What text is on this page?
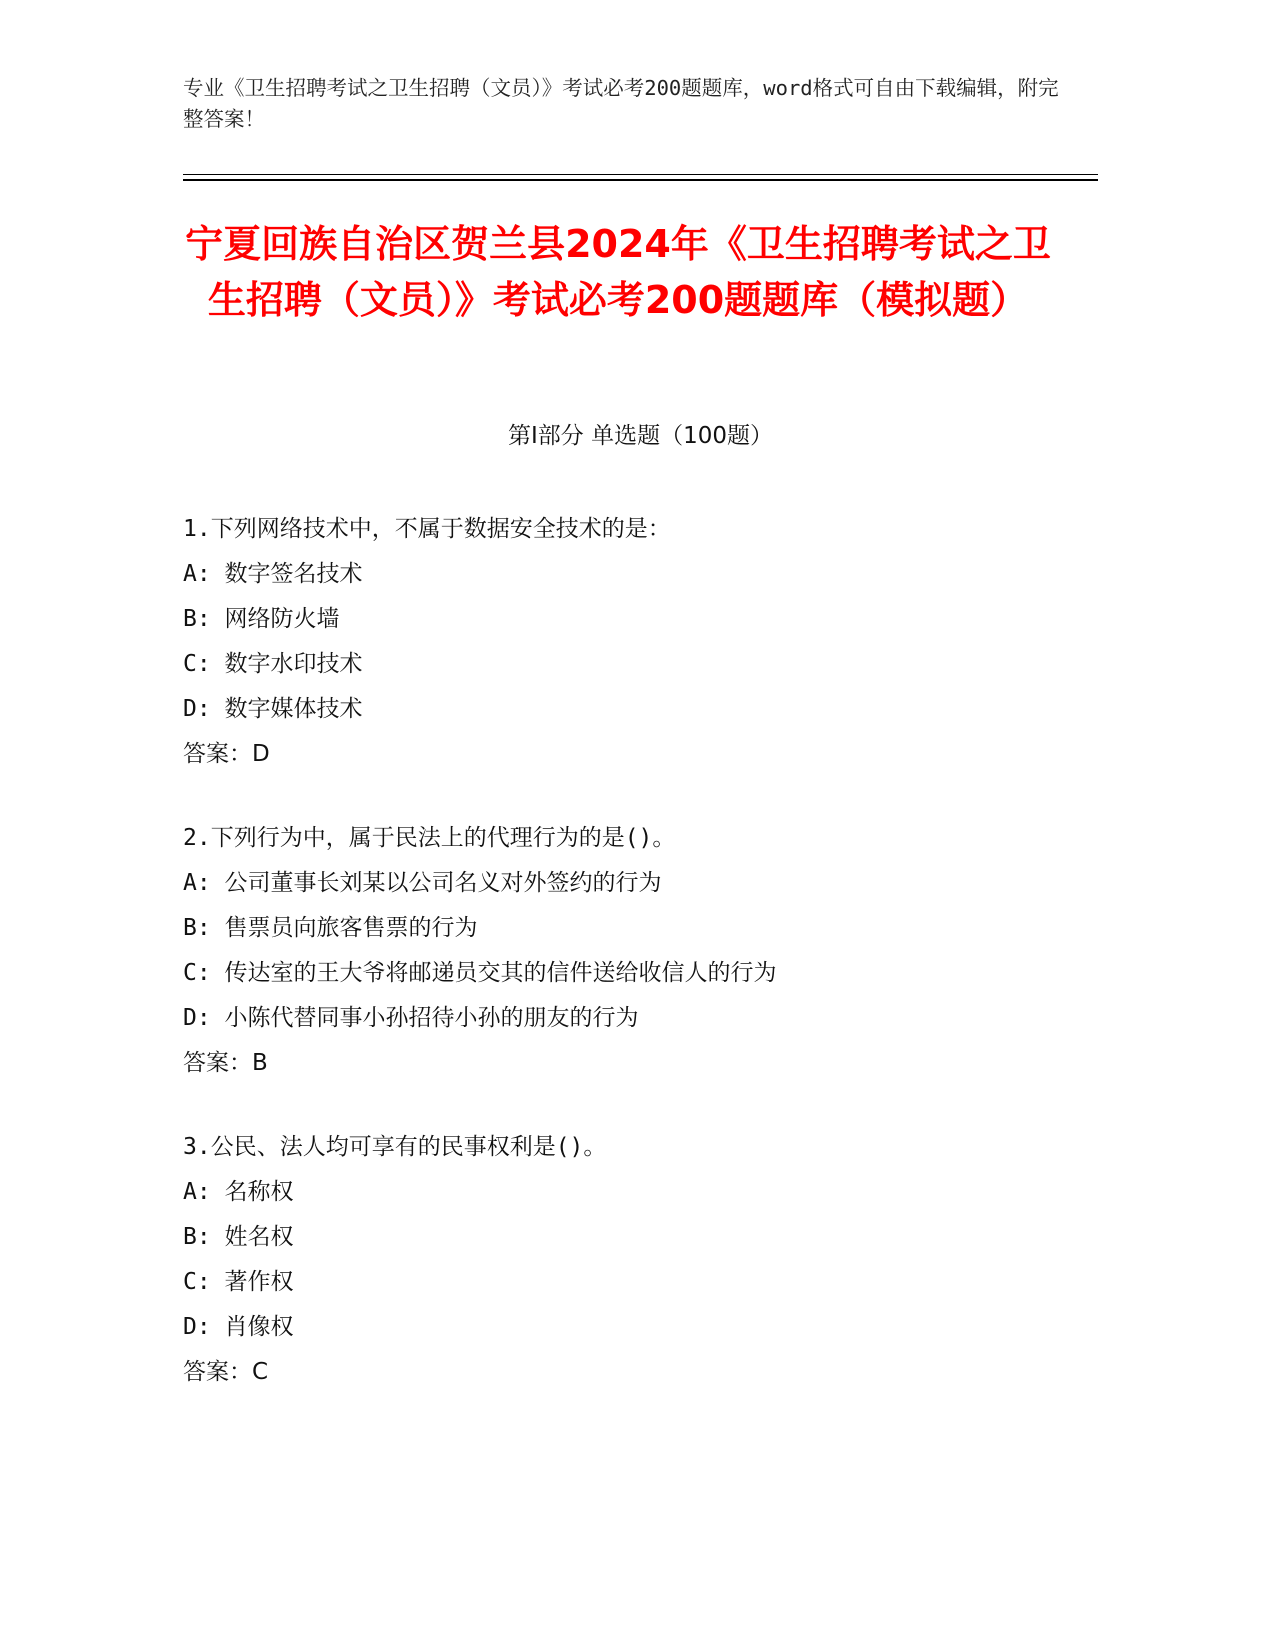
专业《卫生招聘考试之卫生招聘（文员）》考试必考200题题库，word格式可自由下载编辑，附完整答案！
宁夏回族自治区贺兰县2024年《卫生招聘考试之卫生招聘（文员）》考试必考200题题库（模拟题）
第Ⅰ部分 单选题（100题）
1.下列网络技术中，不属于数据安全技术的是：
A: 数字签名技术
B: 网络防火墙
C: 数字水印技术
D: 数字媒体技术
答案：D
2.下列行为中，属于民法上的代理行为的是()。
A: 公司董事长刘某以公司名义对外签约的行为
B: 售票员向旅客售票的行为
C: 传达室的王大爷将邮递员交其的信件送给收信人的行为
D: 小陈代替同事小孙招待小孙的朋友的行为
答案：B
3.公民、法人均可享有的民事权利是()。
A: 名称权
B: 姓名权
C: 著作权
D: 肖像权
答案：C
